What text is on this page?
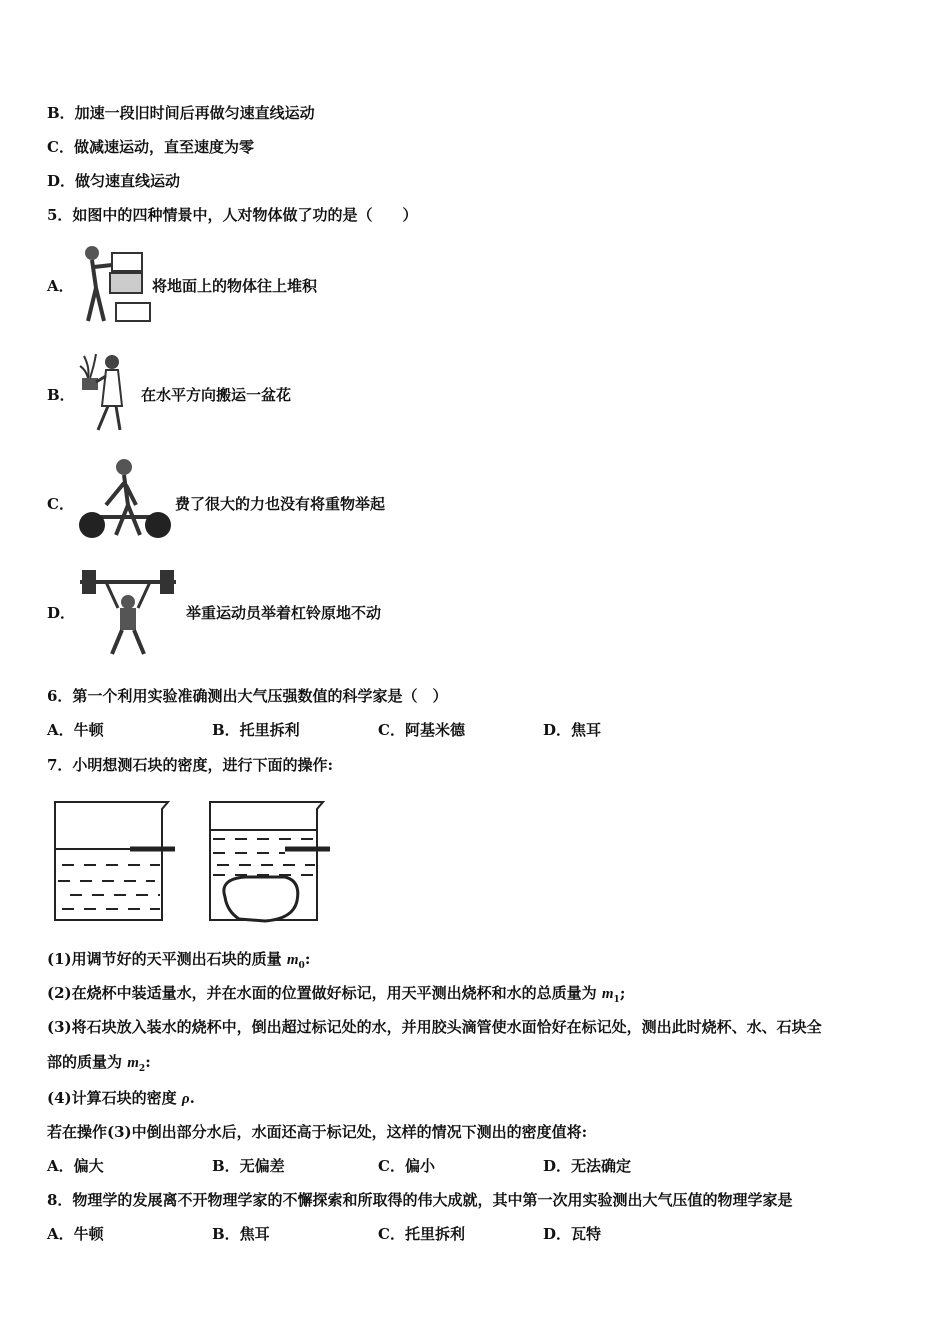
B．加速一段旧时间后再做匀速直线运动
C．做减速运动，直至速度为零
D．做匀速直线运动
5．如图中的四种情景中，人对物体做了功的是（　　）
A．	将地面上的物体往上堆积
B．	在水平方向搬运一盆花
C．	费了很大的力也没有将重物举起
D．	举重运动员举着杠铃原地不动
6．第一个利用实验准确测出大气压强数值的科学家是（　）
A．牛顿	B．托里拆利	C．阿基米德	D．焦耳
7．小明想测石块的密度，进行下面的操作:
(1)用调节好的天平测出石块的质量 $m_0$:
(2)在烧杯中装适量水，并在水面的位置做好标记，用天平测出烧杯和水的总质量为 $m_1$;
(3)将石块放入装水的烧杯中，倒出超过标记处的水，并用胶头滴管使水面恰好在标记处，测出此时烧杯、水、石块全
部的质量为 $m_2$:
(4)计算石块的密度 ρ.
若在操作(3)中倒出部分水后，水面还高于标记处，这样的情况下测出的密度值将:
A．偏大	B．无偏差	C．偏小	D．无法确定
8．物理学的发展离不开物理学家的不懈探索和所取得的伟大成就，其中第一次用实验测出大气压值的物理学家是
A．牛顿	B．焦耳	C．托里拆利	D．瓦特
